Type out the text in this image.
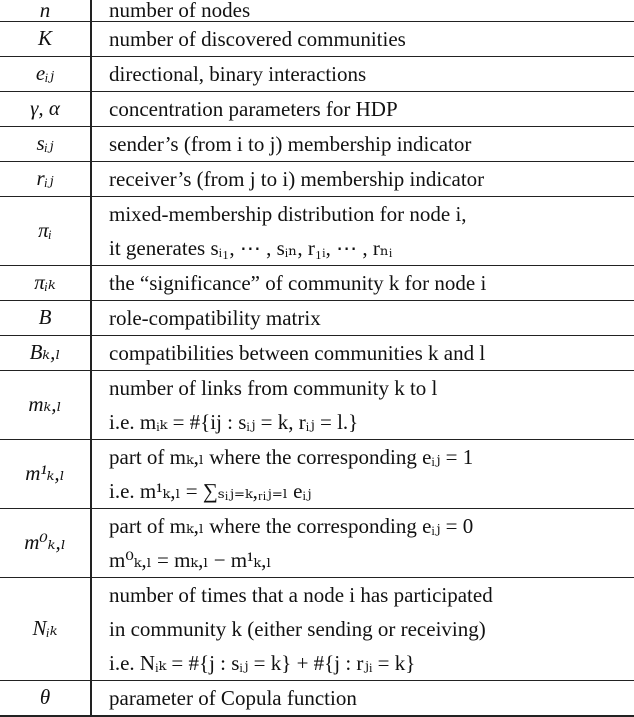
n	number of nodes

K	number of discovered communities

eᵢⱼ	directional, binary interactions

γ, α	concentration parameters for HDP

sᵢⱼ	sender’s (from i to j) membership indicator

rᵢⱼ	receiver’s (from j to i) membership indicator

πᵢ	mixed-membership distribution for node i,
it generates sᵢ₁, ⋯ , sᵢₙ, r₁ᵢ, ⋯ , rₙᵢ

πᵢₖ	the “significance” of community k for node i

B	role-compatibility matrix

Bₖ,ₗ	compatibilities between communities k and l

mₖ,ₗ	number of links from community k to l
i.e. mᵢₖ = #{ij : sᵢⱼ = k, rᵢⱼ = l.}

m¹ₖ,ₗ	part of mₖ,ₗ where the corresponding eᵢⱼ = 1
i.e. m¹ₖ,ₗ = ∑ₛᵢⱼ₌ₖ,ᵣᵢⱼ₌ₗ eᵢⱼ

m⁰ₖ,ₗ	part of mₖ,ₗ where the corresponding eᵢⱼ = 0
m⁰ₖ,ₗ = mₖ,ₗ − m¹ₖ,ₗ

Nᵢₖ	number of times that a node i has participated
in community k (either sending or receiving)
i.e. Nᵢₖ = #{j : sᵢⱼ = k} + #{j : rⱼᵢ = k}

θ	parameter of Copula function
